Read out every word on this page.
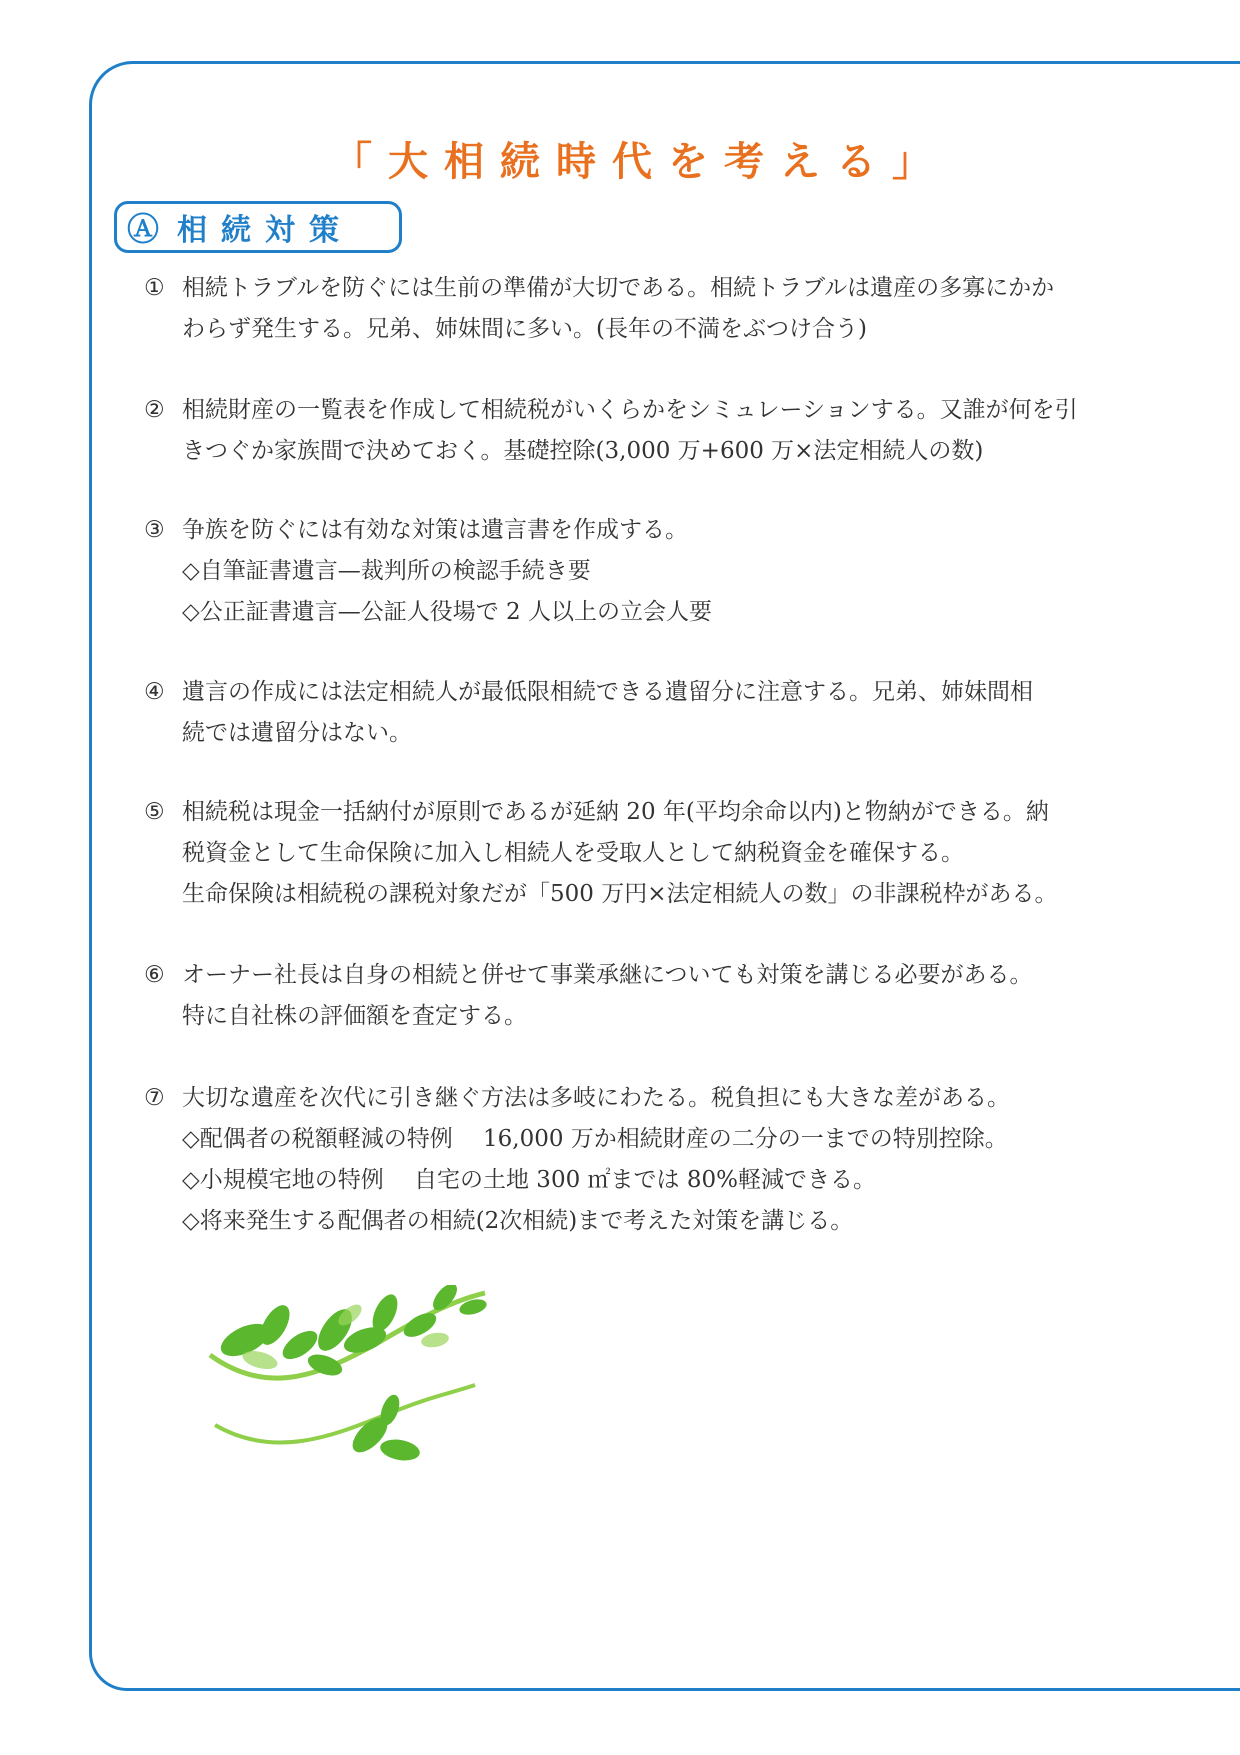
「大相続時代を考える」
Ⓐ 相続対策
① 相続トラブルを防ぐには生前の準備が大切である。相続トラブルは遺産の多寡にかか
わらず発生する。兄弟、姉妹間に多い。(長年の不満をぶつけ合う)
② 相続財産の一覧表を作成して相続税がいくらかをシミュレーションする。又誰が何を引
きつぐか家族間で決めておく。基礎控除(3,000 万+600 万×法定相続人の数)
③ 争族を防ぐには有効な対策は遺言書を作成する。
◇自筆証書遺言—裁判所の検認手続き要
◇公正証書遺言—公証人役場で 2 人以上の立会人要
④ 遺言の作成には法定相続人が最低限相続できる遺留分に注意する。兄弟、姉妹間相
続では遺留分はない。
⑤ 相続税は現金一括納付が原則であるが延納 20 年(平均余命以内)と物納ができる。納
税資金として生命保険に加入し相続人を受取人として納税資金を確保する。
生命保険は相続税の課税対象だが「500 万円×法定相続人の数」の非課税枠がある。
⑥ オーナー社長は自身の相続と併せて事業承継についても対策を講じる必要がある。
特に自社株の評価額を査定する。
⑦ 大切な遺産を次代に引き継ぐ方法は多岐にわたる。税負担にも大きな差がある。
◇配偶者の税額軽減の特例　 16,000 万か相続財産の二分の一までの特別控除。
◇小規模宅地の特例　 自宅の土地 300 ㎡までは 80%軽減できる。
◇将来発生する配偶者の相続(2次相続)まで考えた対策を講じる。
